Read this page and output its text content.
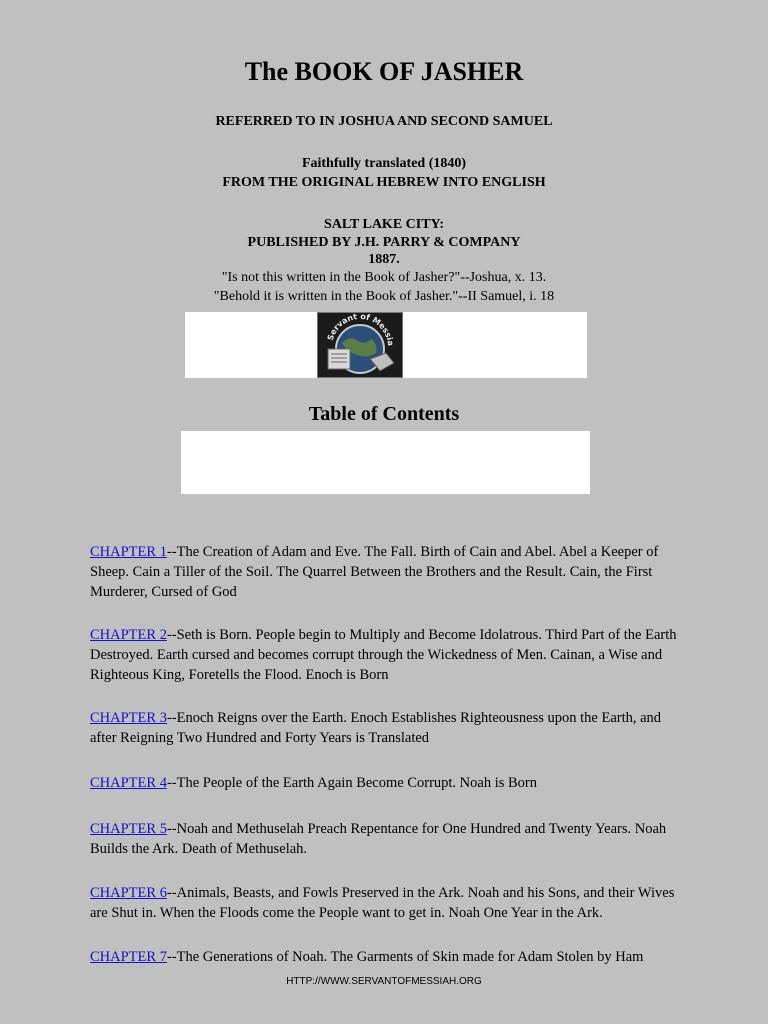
The BOOK OF JASHER
REFERRED TO IN JOSHUA AND SECOND SAMUEL
Faithfully translated (1840)
FROM THE ORIGINAL HEBREW INTO ENGLISH
SALT LAKE CITY:
PUBLISHED BY J.H. PARRY & COMPANY
1887.
"Is not this written in the Book of Jasher?"--Joshua, x. 13.
"Behold it is written in the Book of Jasher."--II Samuel, i. 18
Servant of Messia
Table of Contents
CHAPTER 1--The Creation of Adam and Eve. The Fall. Birth of Cain and Abel. Abel a Keeper of Sheep. Cain a Tiller of the Soil. The Quarrel Between the Brothers and the Result. Cain, the First Murderer, Cursed of God
CHAPTER 2--Seth is Born. People begin to Multiply and Become Idolatrous. Third Part of the Earth Destroyed. Earth cursed and becomes corrupt through the Wickedness of Men. Cainan, a Wise and Righteous King, Foretells the Flood. Enoch is Born
CHAPTER 3--Enoch Reigns over the Earth. Enoch Establishes Righteousness upon the Earth, and after Reigning Two Hundred and Forty Years is Translated
CHAPTER 4--The People of the Earth Again Become Corrupt. Noah is Born
CHAPTER 5--Noah and Methuselah Preach Repentance for One Hundred and Twenty Years. Noah Builds the Ark. Death of Methuselah.
CHAPTER 6--Animals, Beasts, and Fowls Preserved in the Ark. Noah and his Sons, and their Wives are Shut in. When the Floods come the People want to get in. Noah One Year in the Ark.
CHAPTER 7--The Generations of Noah. The Garments of Skin made for Adam Stolen by Ham
HTTP://WWW.SERVANTOFMESSIAH.ORG
